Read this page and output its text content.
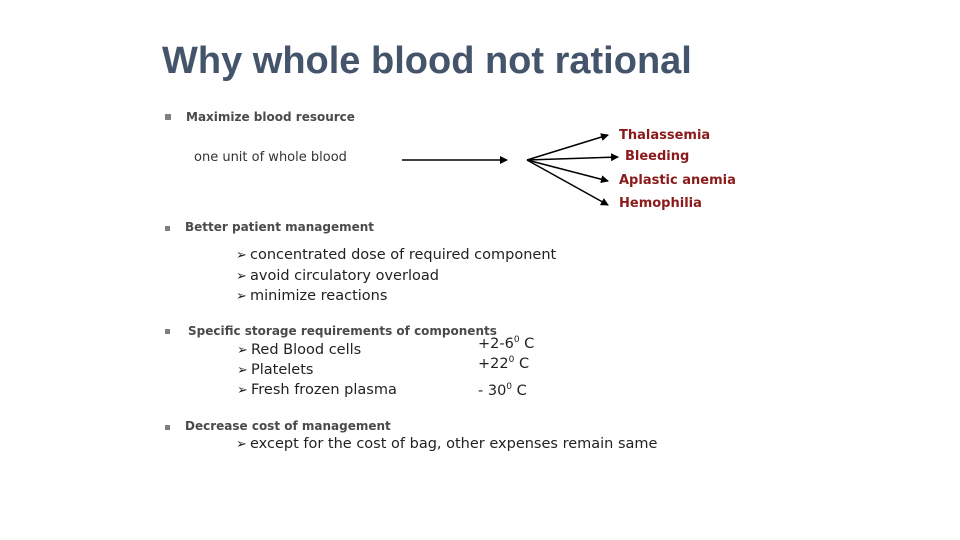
Why whole blood not rational
Maximize blood resource
one unit of whole blood
Thalassemia
Bleeding
Aplastic anemia
Hemophilia
Better patient management
➢ concentrated dose of required component
➢ avoid circulatory overload
➢ minimize reactions
Specific storage requirements of components
➢ Red Blood cells
➢ Platelets
➢ Fresh frozen plasma
$+2-6^0$ C
$+22^0$ C
- $30^0$ C
Decrease cost of management
➢ except for the cost of bag, other expenses remain same
